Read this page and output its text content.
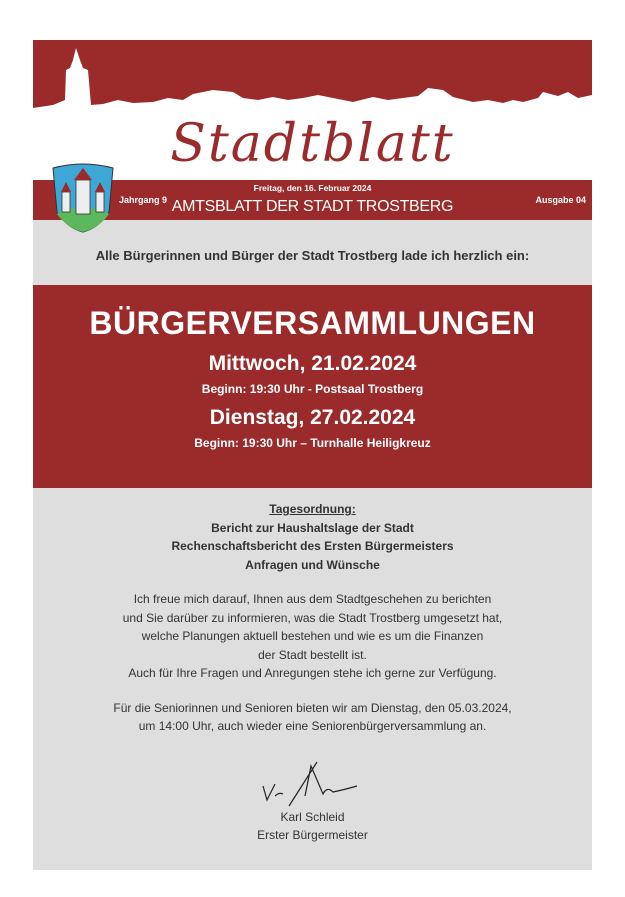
Stadtblatt
Jahrgang 9
Freitag, den 16. Februar 2024
AMTSBLATT DER STADT TROSTBERG	Ausgabe 04
Alle Bürgerinnen und Bürger der Stadt Trostberg lade ich herzlich ein:
BÜRGERVERSAMMLUNGEN
Mittwoch, 21.02.2024
Beginn: 19:30 Uhr - Postsaal Trostberg
Dienstag, 27.02.2024
Beginn: 19:30 Uhr – Turnhalle Heiligkreuz
Tagesordnung:
Bericht zur Haushaltslage der Stadt
Rechenschaftsbericht des Ersten Bürgermeisters
Anfragen und Wünsche
Ich freue mich darauf, Ihnen aus dem Stadtgeschehen zu berichten
und Sie darüber zu informieren, was die Stadt Trostberg umgesetzt hat,
welche Planungen aktuell bestehen und wie es um die Finanzen
der Stadt bestellt ist.
Auch für Ihre Fragen und Anregungen stehe ich gerne zur Verfügung.
Für die Seniorinnen und Senioren bieten wir am Dienstag, den 05.03.2024,
um 14:00 Uhr, auch wieder eine Seniorenbürgerversammlung an.
Karl Schleid
Erster Bürgermeister
